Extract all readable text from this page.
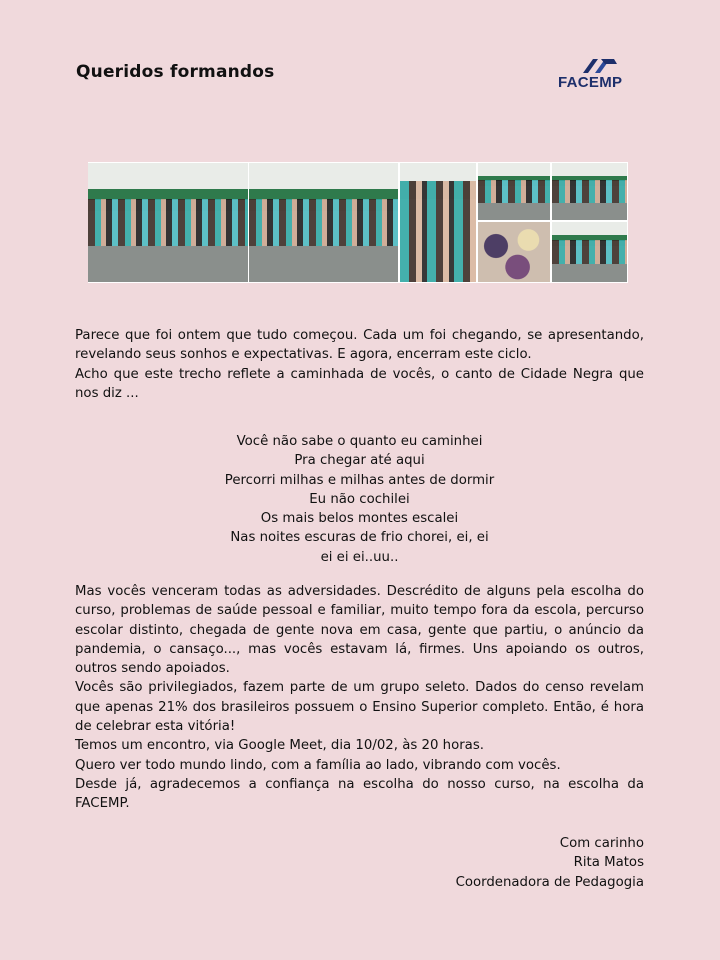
Queridos formandos
FACEMP

Parece que foi ontem que tudo começou. Cada um foi chegando, se apresentando, revelando seus sonhos e expectativas. E agora, encerram este ciclo.

Acho que este trecho reflete a caminhada de vocês, o canto de Cidade Negra que nos diz ...

Você não sabe o quanto eu caminhei
Pra chegar até aqui
Percorri milhas e milhas antes de dormir
Eu não cochilei
Os mais belos montes escalei
Nas noites escuras de frio chorei, ei, ei
ei ei ei..uu..

Mas vocês venceram todas as adversidades. Descrédito de alguns pela escolha do curso, problemas de saúde pessoal e familiar, muito tempo fora da escola, percurso escolar distinto, chegada de gente nova em casa, gente que partiu, o anúncio da pandemia, o cansaço..., mas vocês estavam lá, firmes. Uns apoiando os outros, outros sendo apoiados.

Vocês são privilegiados, fazem parte de um grupo seleto. Dados do censo revelam que apenas 21% dos brasileiros possuem o Ensino Superior completo. Então, é hora de celebrar esta vitória!

Temos um encontro, via Google Meet, dia 10/02, às 20 horas.

Quero ver todo mundo lindo, com a família ao lado, vibrando com vocês.

Desde já, agradecemos a confiança na escolha do nosso curso, na escolha da FACEMP.

Com carinho
Rita Matos
Coordenadora de Pedagogia
